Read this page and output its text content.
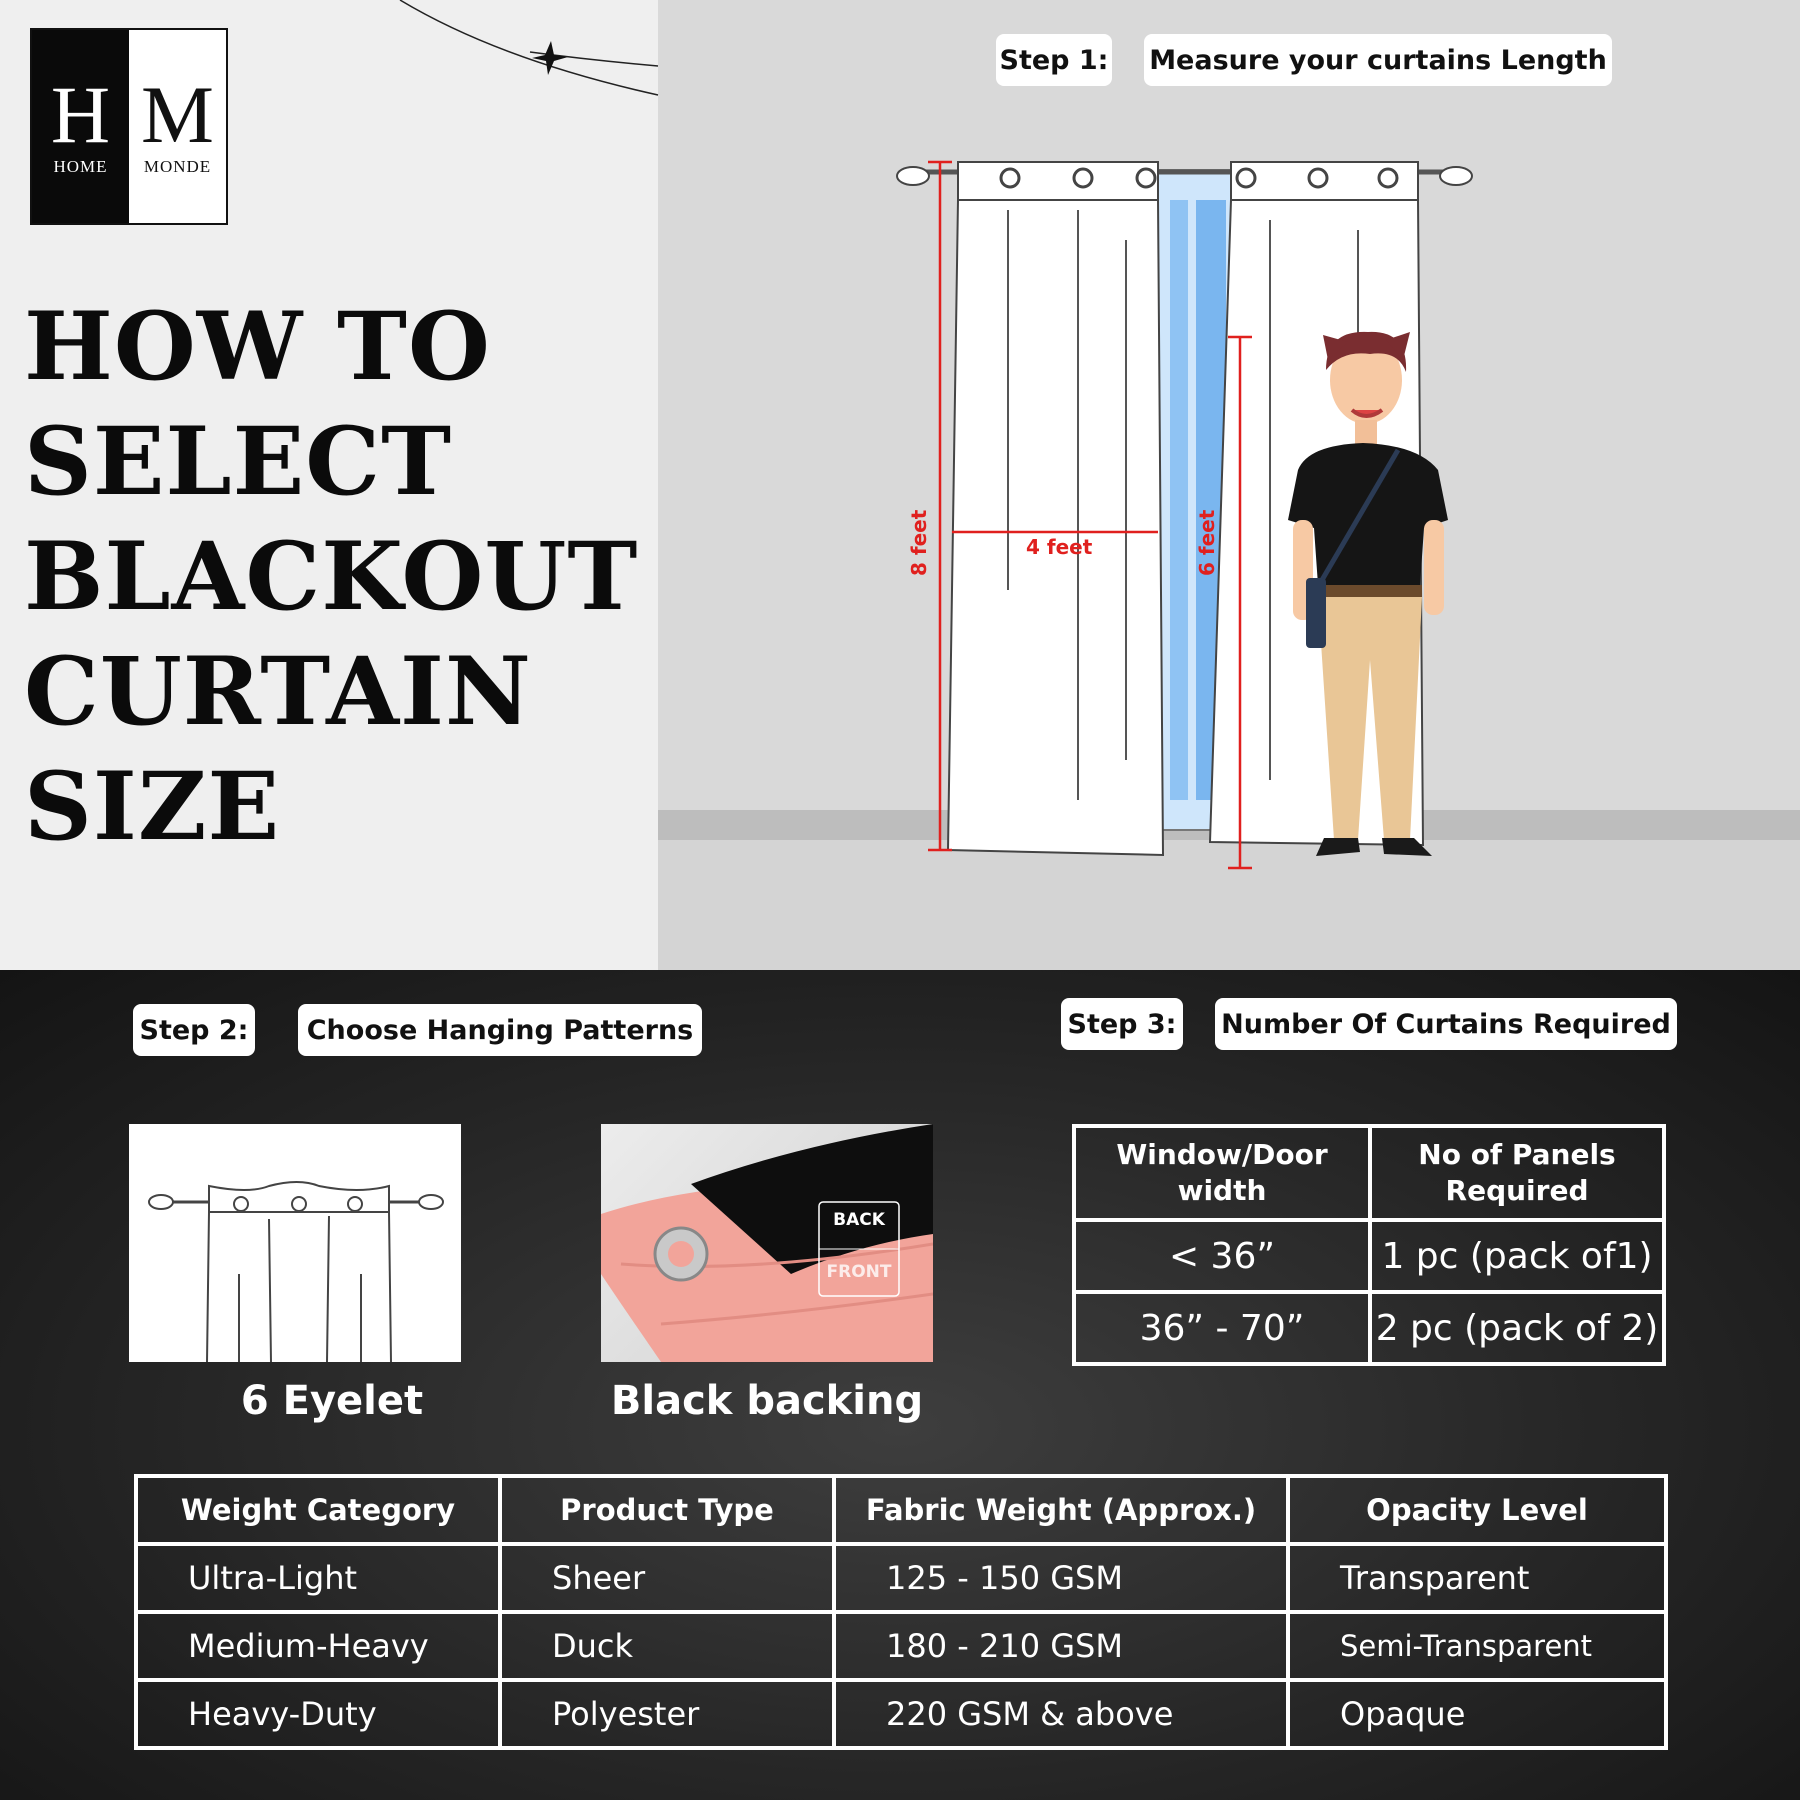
H
HOME
M
MONDE
HOW TO
SELECT
BLACKOUT
CURTAIN
SIZE
Step 1: Measure your curtains Length
8 feet	4 feet	6 feet
Step 2:	Choose Hanging Patterns	Step 3: Number Of Curtains Required
6 Eyelet
BACK
FRONT
Black backing
Window/Door width	No of Panels Required
< 36”	1 pc (pack of1)
36” - 70”	2 pc (pack of 2)
Weight Category	Product Type	Fabric Weight (Approx.)	Opacity Level
Ultra-Light	Sheer	125 - 150 GSM	Transparent
Medium-Heavy	Duck	180 - 210 GSM	Semi-Transparent
Heavy-Duty	Polyester	220 GSM & above	Opaque
